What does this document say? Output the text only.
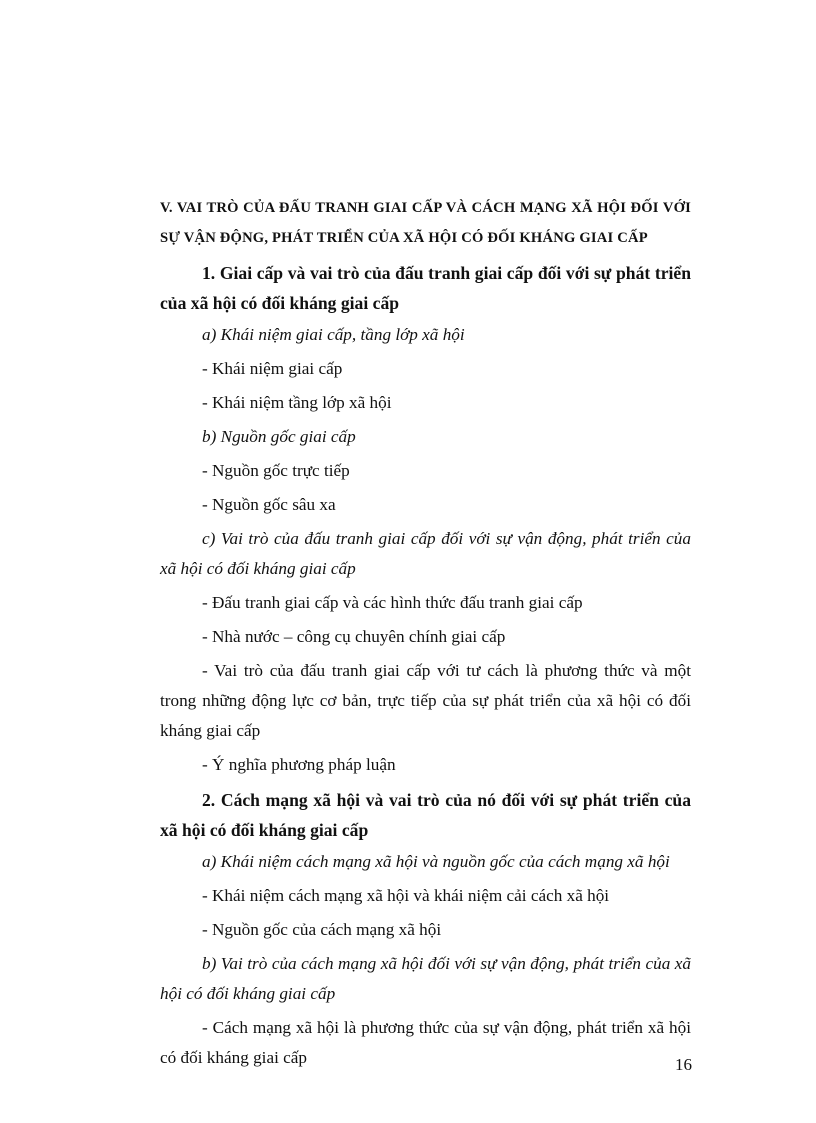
V. VAI TRÒ CỦA ĐẤU TRANH GIAI CẤP VÀ CÁCH MẠNG XÃ HỘI ĐỐI VỚI SỰ VẬN ĐỘNG, PHÁT TRIỂN CỦA XÃ HỘI CÓ ĐỐI KHÁNG GIAI CẤP

1. Giai cấp và vai trò của đấu tranh giai cấp đối với sự phát triển của xã hội có đối kháng giai cấp

a) Khái niệm giai cấp, tầng lớp xã hội

- Khái niệm giai cấp

- Khái niệm tầng lớp xã hội

b) Nguồn gốc giai cấp

- Nguồn gốc trực tiếp

- Nguồn gốc sâu xa

c) Vai trò của đấu tranh giai cấp đối với sự vận động, phát triển của xã hội có đối kháng giai cấp

- Đấu tranh giai cấp và các hình thức đấu tranh giai cấp

- Nhà nước – công cụ chuyên chính giai cấp

- Vai trò của đấu tranh giai cấp với tư cách là phương thức và một trong những động lực cơ bản, trực tiếp của sự phát triển của xã hội có đối kháng giai cấp

- Ý nghĩa phương pháp luận

2. Cách mạng xã hội và vai trò của nó đối với sự phát triển của xã hội có đối kháng giai cấp

a) Khái niệm cách mạng xã hội và nguồn gốc của cách mạng xã hội

- Khái niệm cách mạng xã hội và khái niệm cải cách xã hội

- Nguồn gốc của cách mạng xã hội

b) Vai trò của cách mạng xã hội đối với sự vận động, phát triển của xã hội có đối kháng giai cấp

- Cách mạng xã hội là phương thức của sự vận động, phát triển xã hội có đối kháng giai cấp	16
